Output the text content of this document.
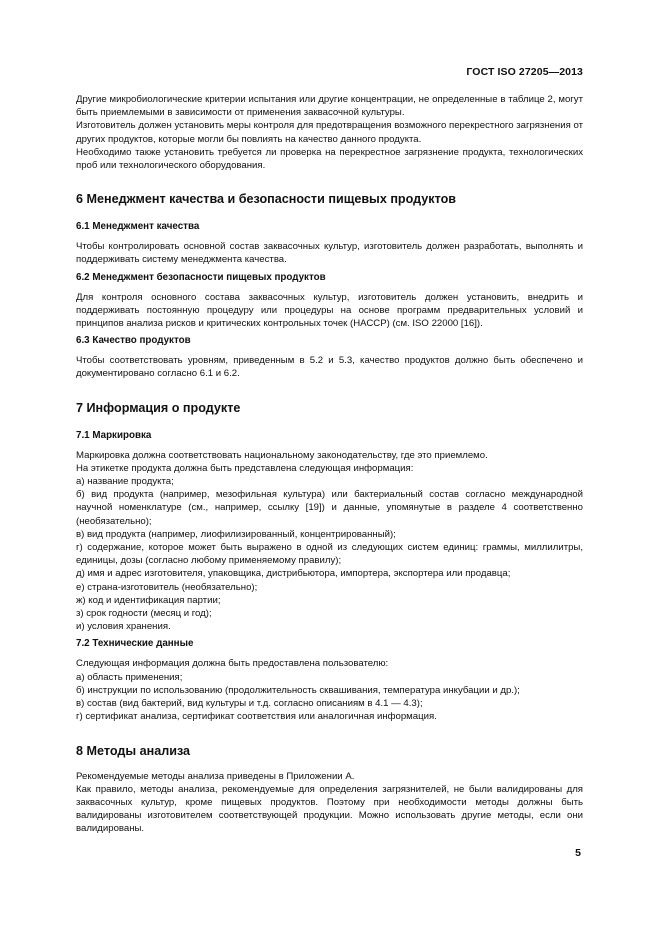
ГОСТ ISO 27205—2013

Другие микробиологические критерии испытания или другие концентрации, не определенные в таблице 2, могут быть приемлемыми в зависимости от применения заквасочной культуры.

Изготовитель должен установить меры контроля для предотвращения возможного перекрестного загрязнения от других продуктов, которые могли бы повлиять на качество данного продукта.

Необходимо также установить требуется ли проверка на перекрестное загрязнение продукта, технологических проб или технологического оборудования.

6 Менеджмент качества и безопасности пищевых продуктов
6.1 Менеджмент качества

Чтобы контролировать основной состав заквасочных культур, изготовитель должен разработать, выполнять и поддерживать систему менеджмента качества.

6.2 Менеджмент безопасности пищевых продуктов

Для контроля основного состава заквасочных культур, изготовитель должен установить, внедрить и поддерживать постоянную процедуру или процедуры на основе программ предварительных условий и принципов анализа рисков и критических контрольных точек (НАССР) (см. ISO 22000 [16]).

6.3 Качество продуктов

Чтобы соответствовать уровням, приведенным в 5.2 и 5.3, качество продуктов должно быть обеспечено и документировано согласно 6.1 и 6.2.

7 Информация о продукте
7.1 Маркировка

Маркировка должна соответствовать национальному законодательству, где это приемлемо.

На этикетке продукта должна быть представлена следующая информация:

а) название продукта;

б) вид продукта (например, мезофильная культура) или бактериальный состав согласно международной научной номенклатуре (см., например, ссылку [19]) и данные, упомянутые в разделе 4 соответственно (необязательно);

в) вид продукта (например, лиофилизированный, концентрированный);

г) содержание, которое может быть выражено в одной из следующих систем единиц: граммы, миллилитры, единицы, дозы (согласно любому применяемому правилу);

д) имя и адрес изготовителя, упаковщика, дистрибьютора, импортера, экспортера или продавца;

е) страна-изготовитель (необязательно);

ж) код и идентификация партии;

з) срок годности (месяц и год);

и) условия хранения.

7.2 Технические данные

Следующая информация должна быть предоставлена пользователю:

а) область применения;

б) инструкции по использованию (продолжительность сквашивания, температура инкубации и др.);

в) состав (вид бактерий, вид культуры и т.д. согласно описаниям в 4.1 — 4.3);

г) сертификат анализа, сертификат соответствия или аналогичная информация.

8 Методы анализа

Рекомендуемые методы анализа приведены в Приложении А.

Как правило, методы анализа, рекомендуемые для определения загрязнителей, не были валидированы для заквасочных культур, кроме пищевых продуктов. Поэтому при необходимости методы должны быть валидированы изготовителем соответствующей продукции. Можно использовать другие методы, если они валидированы.

5
